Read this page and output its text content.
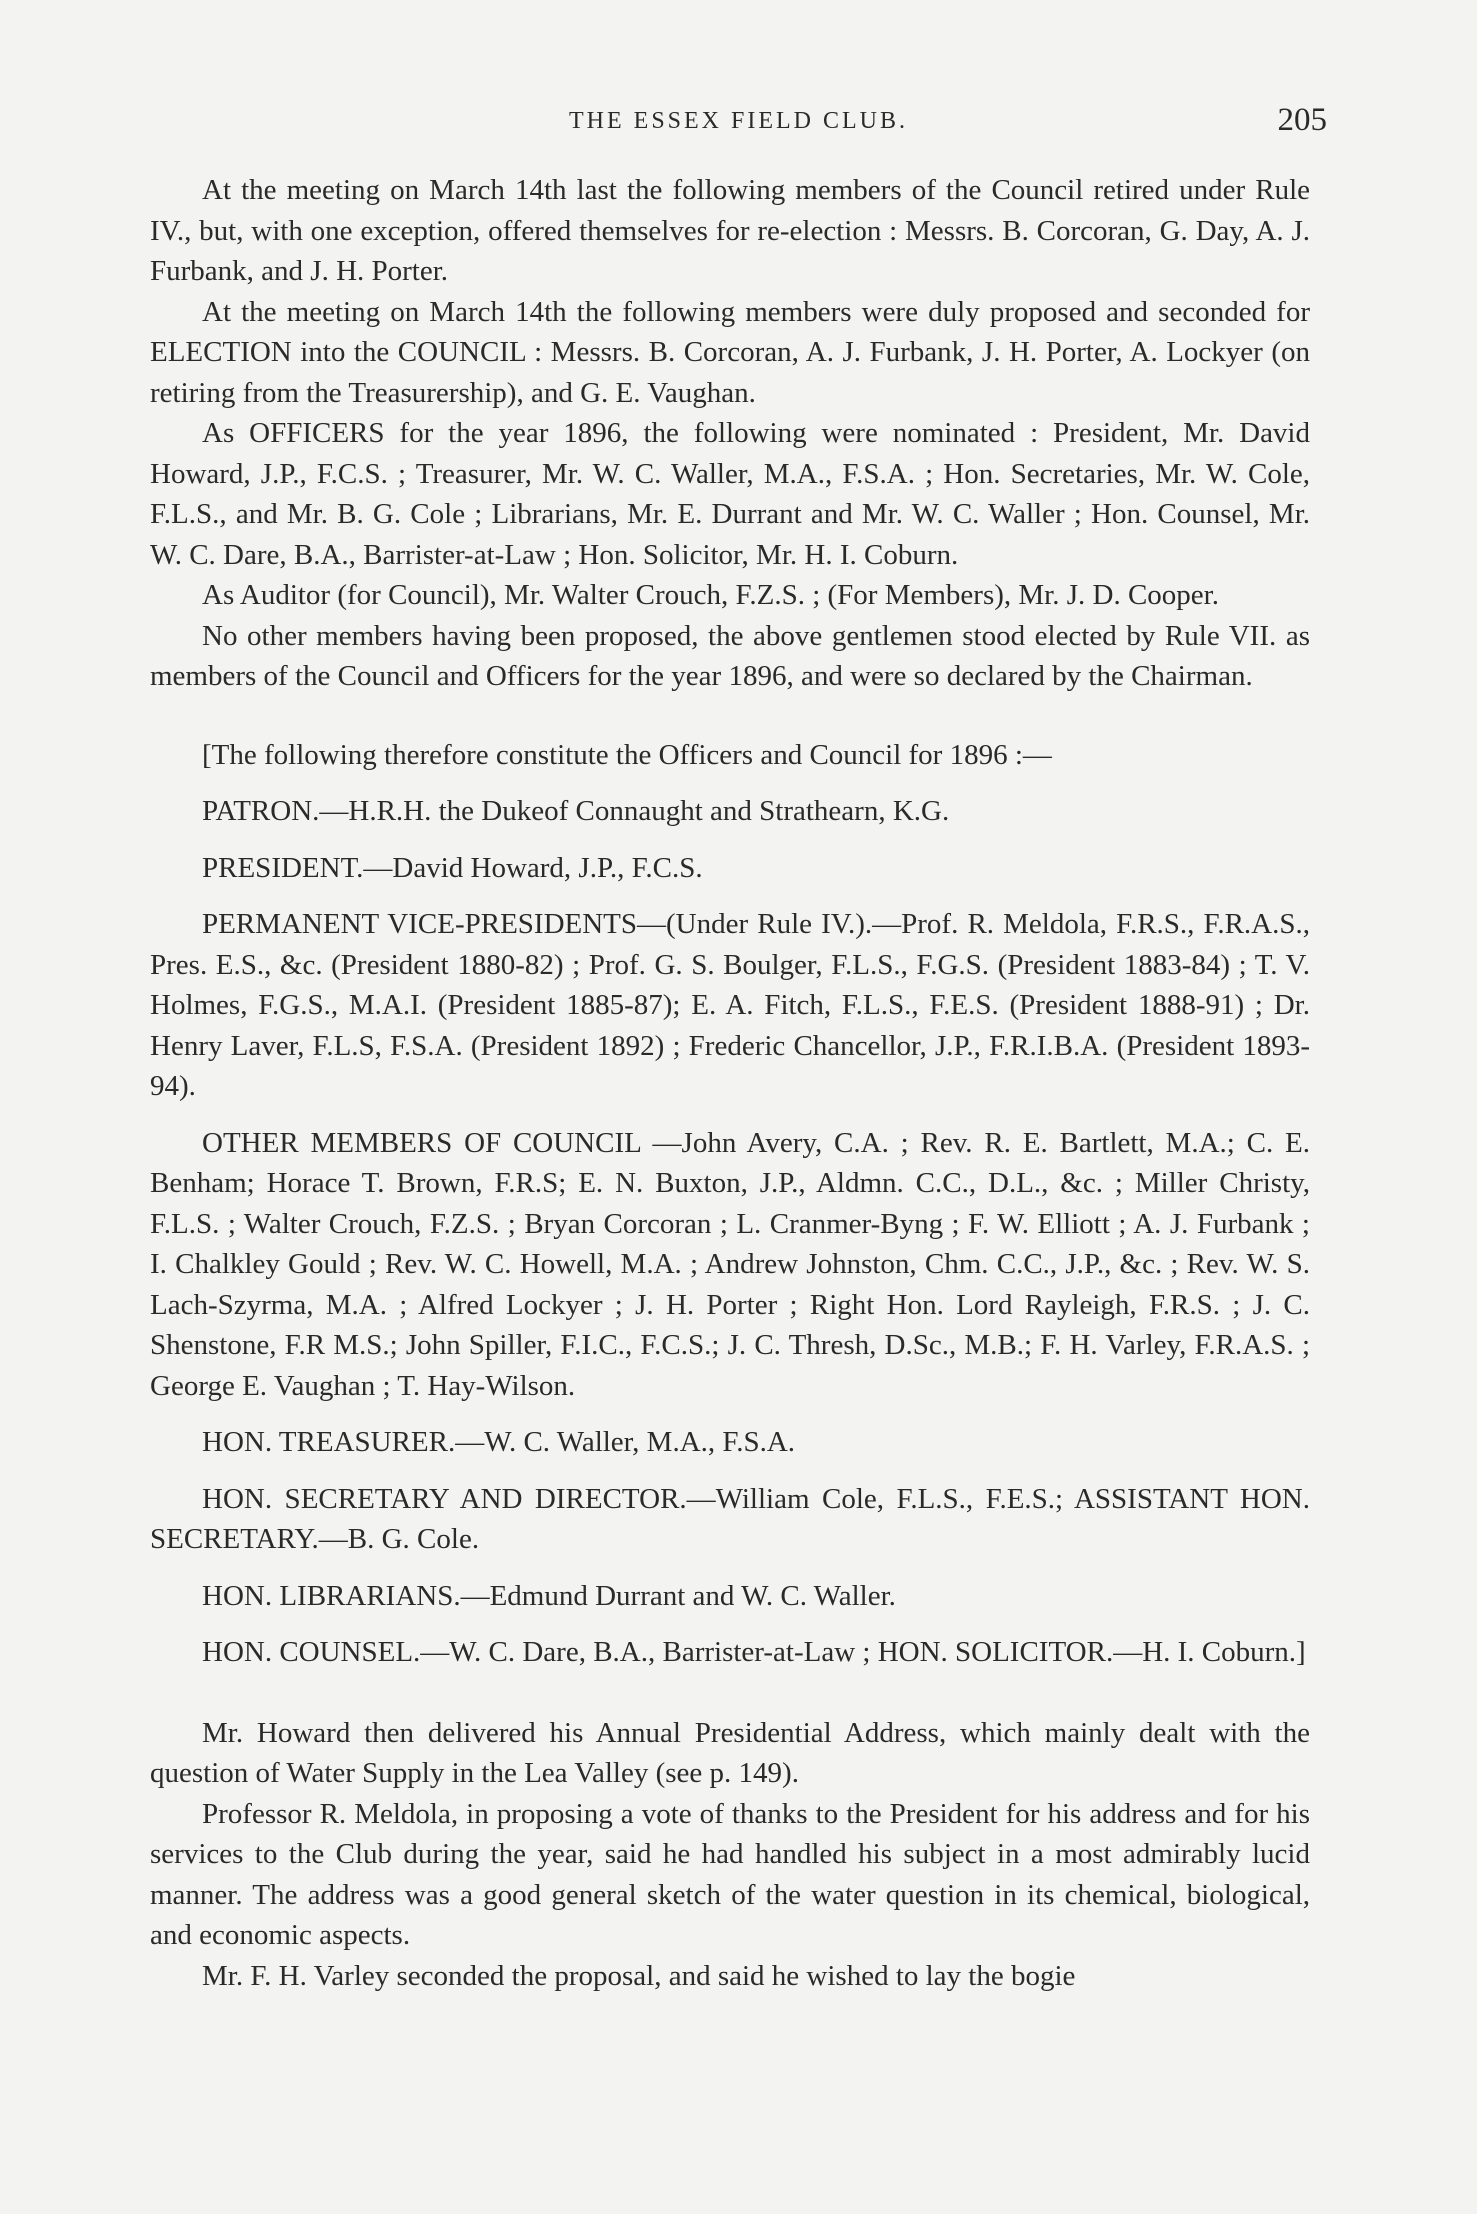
THE ESSEX FIELD CLUB.	205

At the meeting on March 14th last the following members of the Council retired under Rule IV., but, with one exception, offered themselves for re-election : Messrs. B. Corcoran, G. Day, A. J. Furbank, and J. H. Porter.

At the meeting on March 14th the following members were duly proposed and seconded for ELECTION into the COUNCIL : Messrs. B. Corcoran, A. J. Furbank, J. H. Porter, A. Lockyer (on retiring from the Treasurership), and G. E. Vaughan.

As OFFICERS for the year 1896, the following were nominated : President, Mr. David Howard, J.P., F.C.S. ; Treasurer, Mr. W. C. Waller, M.A., F.S.A. ; Hon. Secretaries, Mr. W. Cole, F.L.S., and Mr. B. G. Cole ; Librarians, Mr. E. Durrant and Mr. W. C. Waller ; Hon. Counsel, Mr. W. C. Dare, B.A., Barrister-at-Law ; Hon. Solicitor, Mr. H. I. Coburn.

As Auditor (for Council), Mr. Walter Crouch, F.Z.S. ; (For Members), Mr. J. D. Cooper.

No other members having been proposed, the above gentlemen stood elected by Rule VII. as members of the Council and Officers for the year 1896, and were so declared by the Chairman.

[The following therefore constitute the Officers and Council for 1896 :—

PATRON.—H.R.H. the Dukeof Connaught and Strathearn, K.G.

PRESIDENT.—David Howard, J.P., F.C.S.

PERMANENT VICE-PRESIDENTS—(Under Rule IV.).—Prof. R. Meldola, F.R.S., F.R.A.S., Pres. E.S., &c. (President 1880-82) ; Prof. G. S. Boulger, F.L.S., F.G.S. (President 1883-84) ; T. V. Holmes, F.G.S., M.A.I. (President 1885-87); E. A. Fitch, F.L.S., F.E.S. (President 1888-91) ; Dr. Henry Laver, F.L.S, F.S.A. (President 1892) ; Frederic Chancellor, J.P., F.R.I.B.A. (President 1893-94).

OTHER MEMBERS OF COUNCIL —John Avery, C.A. ; Rev. R. E. Bartlett, M.A.; C. E. Benham; Horace T. Brown, F.R.S; E. N. Buxton, J.P., Aldmn. C.C., D.L., &c. ; Miller Christy, F.L.S. ; Walter Crouch, F.Z.S. ; Bryan Corcoran ; L. Cranmer-Byng ; F. W. Elliott ; A. J. Furbank ; I. Chalkley Gould ; Rev. W. C. Howell, M.A. ; Andrew Johnston, Chm. C.C., J.P., &c. ; Rev. W. S. Lach-Szyrma, M.A. ; Alfred Lockyer ; J. H. Porter ; Right Hon. Lord Rayleigh, F.R.S. ; J. C. Shenstone, F.R M.S.; John Spiller, F.I.C., F.C.S.; J. C. Thresh, D.Sc., M.B.; F. H. Varley, F.R.A.S. ; George E. Vaughan ; T. Hay-Wilson.

HON. TREASURER.—W. C. Waller, M.A., F.S.A.

HON. SECRETARY AND DIRECTOR.—William Cole, F.L.S., F.E.S.; ASSISTANT HON. SECRETARY.—B. G. Cole.

HON. LIBRARIANS.—Edmund Durrant and W. C. Waller.

HON. COUNSEL.—W. C. Dare, B.A., Barrister-at-Law ; HON. SOLICITOR.—H. I. Coburn.]

Mr. Howard then delivered his Annual Presidential Address, which mainly dealt with the question of Water Supply in the Lea Valley (see p. 149).

Professor R. Meldola, in proposing a vote of thanks to the President for his address and for his services to the Club during the year, said he had handled his subject in a most admirably lucid manner. The address was a good general sketch of the water question in its chemical, biological, and economic aspects.

Mr. F. H. Varley seconded the proposal, and said he wished to lay the bogie
